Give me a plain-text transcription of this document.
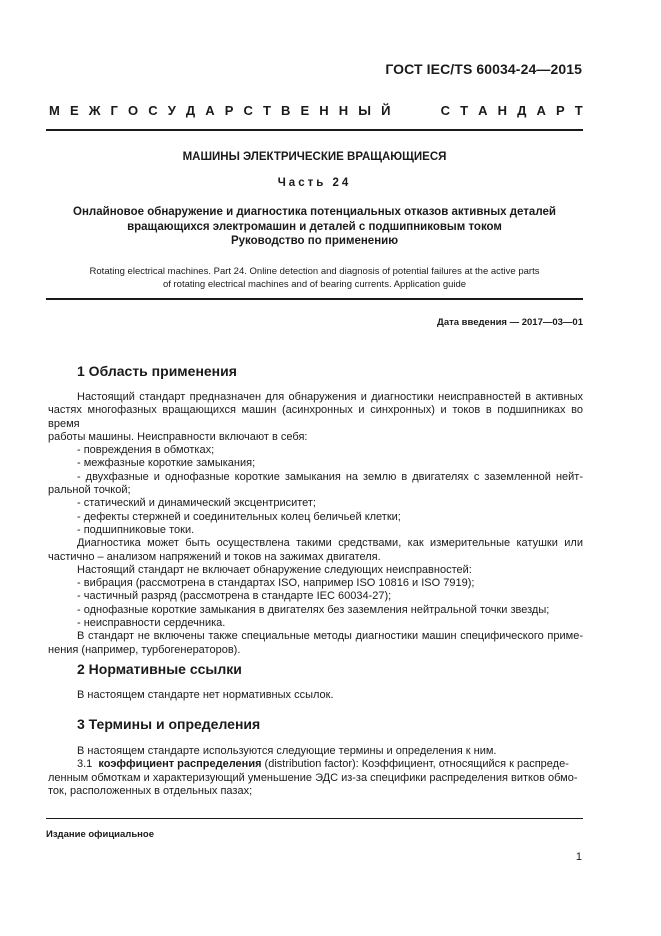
ГОСТ IEC/TS 60034-24—2015
М Е Ж Г О С У Д А Р С Т В Е Н Н Ы Й	С Т А Н Д А Р Т
МАШИНЫ ЭЛЕКТРИЧЕСКИЕ ВРАЩАЮЩИЕСЯ
Часть 24
Онлайновое обнаружение и диагностика потенциальных отказов активных деталей
вращающихся электромашин и деталей с подшипниковым током
Руководство по применению
Rotating electrical machines. Part 24. Online detection and diagnosis of potential failures at the active parts
of rotating electrical machines and of bearing currents. Application guide
Дата введения — 2017—03—01
1 Область применения

Настоящий стандарт предназначен для обнаружения и диагностики неисправностей в активных

частях многофазных вращающихся машин (асинхронных и синхронных) и токов в подшипниках во время

работы машины. Неисправности включают в себя:

- повреждения в обмотках;

- межфазные короткие замыкания;

- двухфазные и однофазные короткие замыкания на землю в двигателях с заземленной нейт-

ральной точкой;

- статический и динамический эксцентриситет;

- дефекты стержней и соединительных колец беличьей клетки;

- подшипниковые токи.

Диагностика может быть осуществлена такими средствами, как измерительные катушки или

частично – анализом напряжений и токов на зажимах двигателя.

Настоящий стандарт не включает обнаружение следующих неисправностей:

- вибрация (рассмотрена в стандартах ISO, например ISO 10816 и ISO 7919);

- частичный разряд (рассмотрена в стандарте IEC 60034-27);

- однофазные короткие замыкания в двигателях без заземления нейтральной точки звезды;

- неисправности сердечника.

В стандарт не включены также специальные методы диагностики машин специфического приме-

нения (например, турбогенераторов).

2 Нормативные ссылки

В настоящем стандарте нет нормативных ссылок.

3 Термины и определения

В настоящем стандарте используются следующие термины и определения к ним.

3.1 коэффициент распределения (distribution factor): Коэффициент, относящийся к распреде-

ленным обмоткам и характеризующий уменьшение ЭДС из-за специфики распределения витков обмо-

ток, расположенных в отдельных пазах;

Издание официальное
1
